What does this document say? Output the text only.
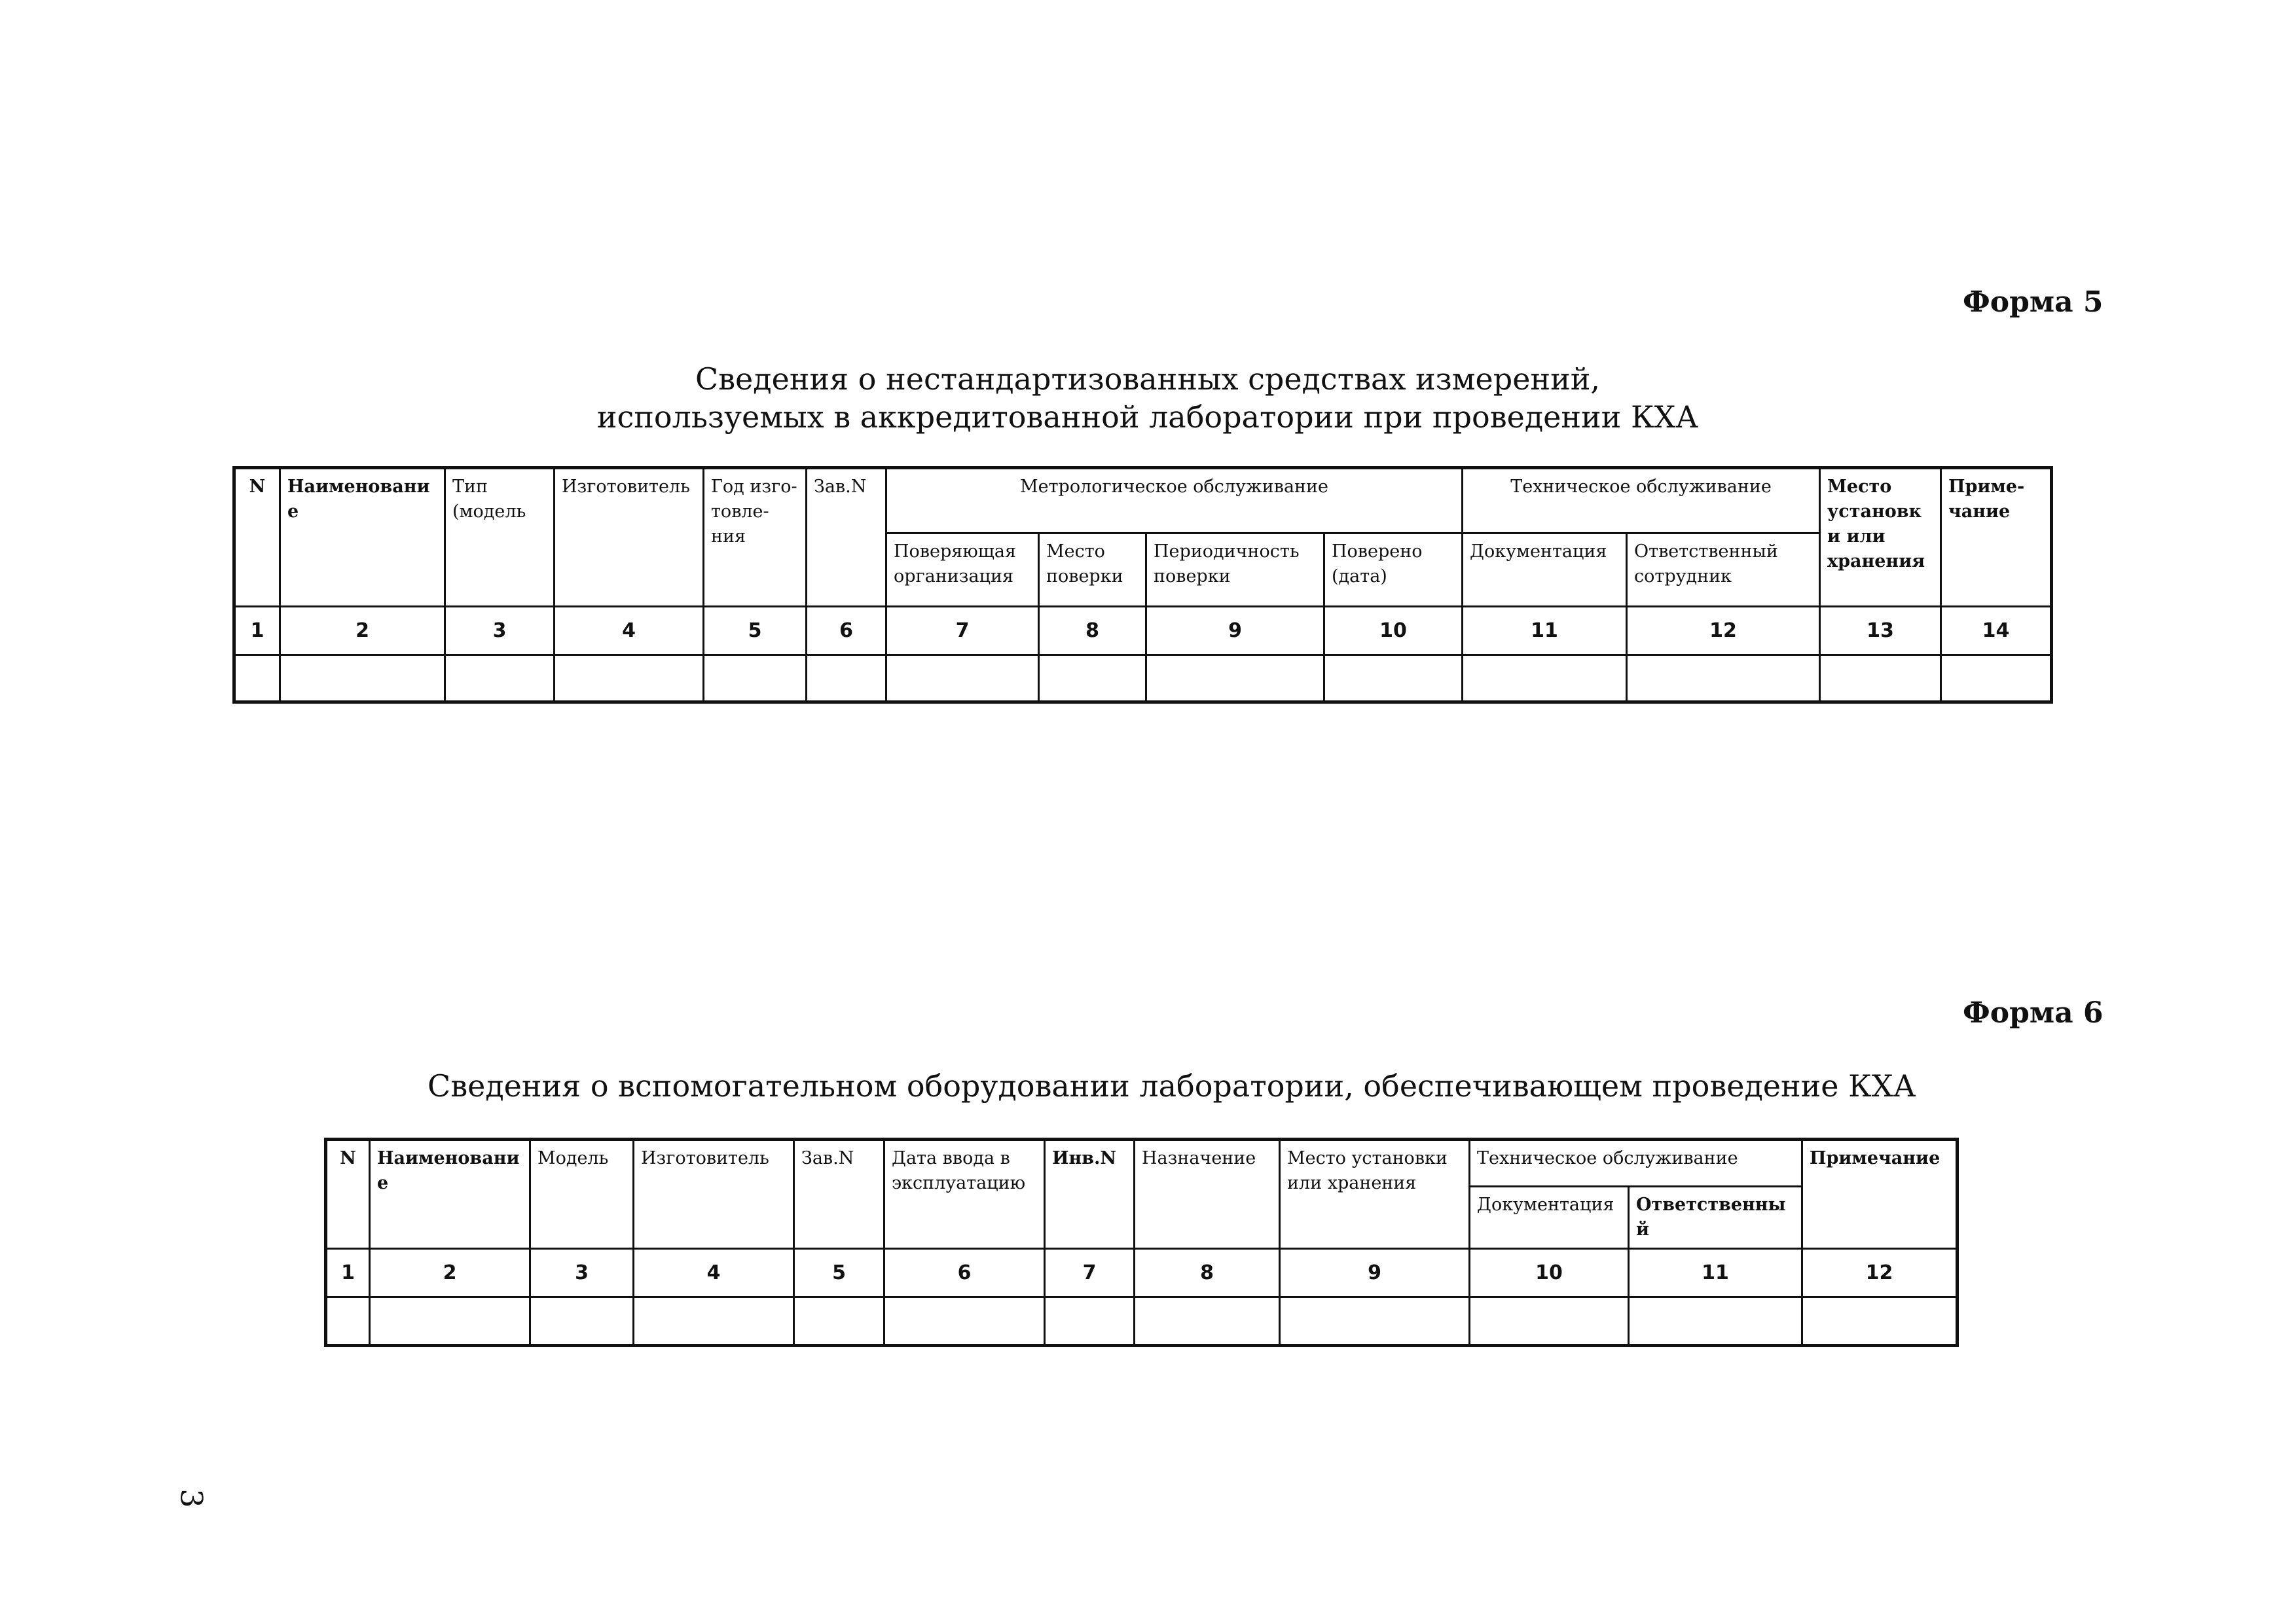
Форма 5
Сведения о нестандартизованных средствах измерений,
используемых в аккредитованной лаборатории при проведении КХА
N	Наименование	Тип (модель	Изготовитель	Год изго- товле- ния	Зав.N	Метрологическое обслуживание				Техническое обслуживание		Место установки или хранения	Приме- чание
						Поверяющая организация	Место поверки	Периодичность поверки	Поверено (дата)	Документация	Ответственный сотрудник		
1	2	3	4	5	6	7	8	9	10	11	12	13	14

Форма 6
Сведения о вспомогательном оборудовании лаборатории, обеспечивающем проведение КХА
N	Наименование	Модель	Изготовитель	Зав.N	Дата ввода в эксплуатацию	Инв.N	Назначение	Место установки или хранения	Техническое обслуживание		Примечание
									Документация	Ответственный	
1	2	3	4	5	6	7	8	9	10	11	12

3
